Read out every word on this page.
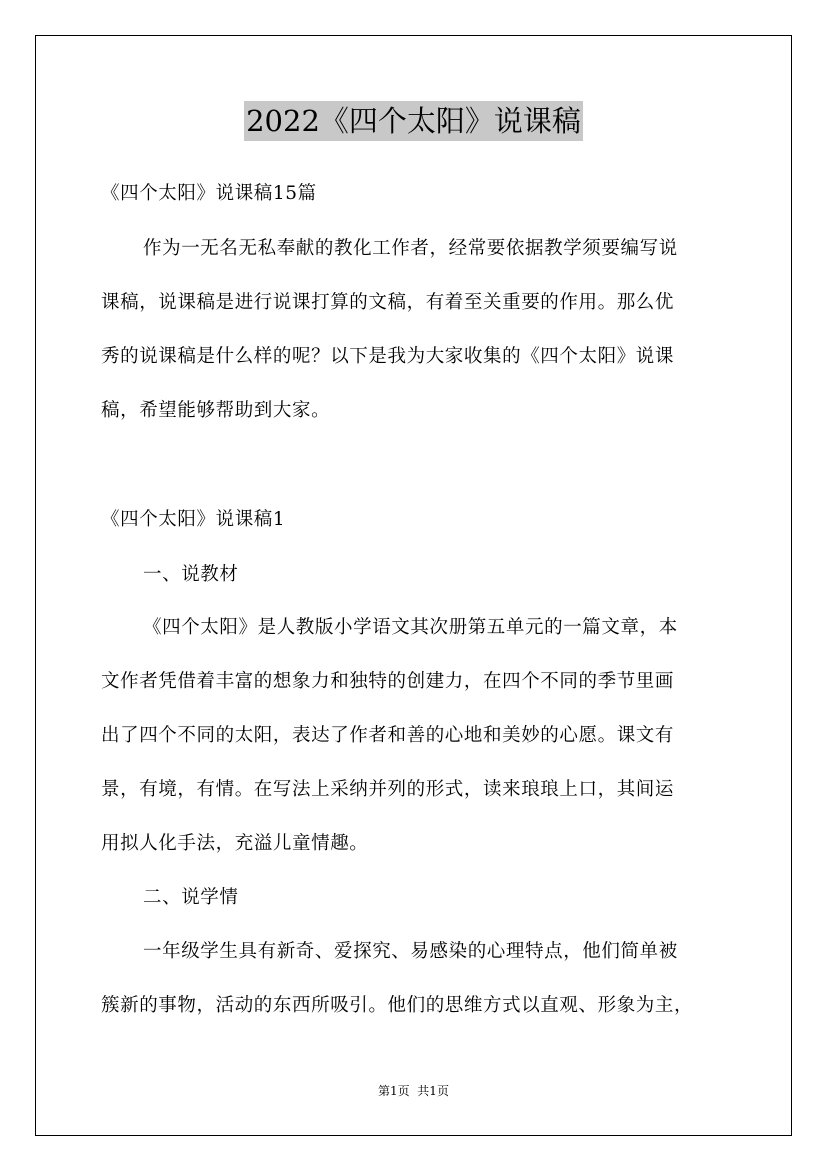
2022《四个太阳》说课稿
《四个太阳》说课稿15篇
作为一无名无私奉献的教化工作者，经常要依据教学须要编写说
课稿，说课稿是进行说课打算的文稿，有着至关重要的作用。那么优
秀的说课稿是什么样的呢？以下是我为大家收集的《四个太阳》说课
稿，希望能够帮助到大家。
《四个太阳》说课稿1
一、说教材
《四个太阳》是人教版小学语文其次册第五单元的一篇文章，本
文作者凭借着丰富的想象力和独特的创建力，在四个不同的季节里画
出了四个不同的太阳，表达了作者和善的心地和美妙的心愿。课文有
景，有境，有情。在写法上采纳并列的形式，读来琅琅上口，其间运
用拟人化手法，充溢儿童情趣。
二、说学情
一年级学生具有新奇、爱探究、易感染的心理特点，他们简单被
簇新的事物，活动的东西所吸引。他们的思维方式以直观、形象为主，
第1页  共1页
